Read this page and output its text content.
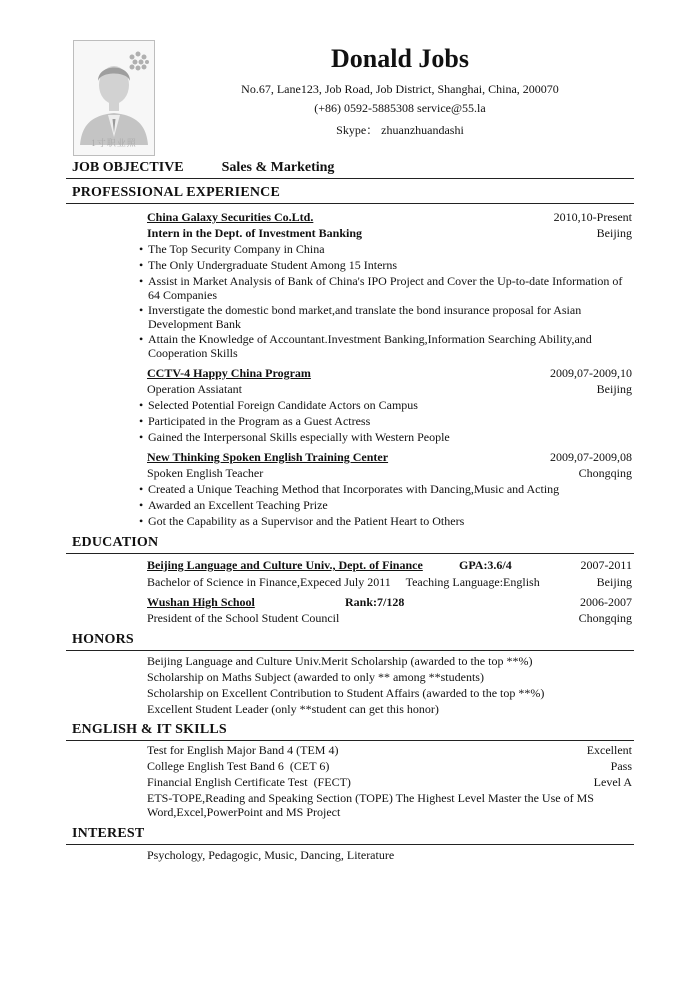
1寸职业照
Donald Jobs
No.67, Lane123, Job Road, Job District, Shanghai, China, 200070
(+86) 0592-5885308 service@55.la
Skype： zhuanzhuandashi
JOB OBJECTIVE	Sales & Marketing
PROFESSIONAL EXPERIENCE
China Galaxy Securities Co.Ltd.	2010,10-Present
Intern in the Dept. of Investment Banking	Beijing
• The Top Security Company in China
• The Only Undergraduate Student Among 15 Interns
• Assist in Market Analysis of Bank of China's IPO Project and Cover the Up-to-date Information of 64 Companies
• Inverstigate the domestic bond market,and translate the bond insurance proposal for Asian Development Bank
• Attain the Knowledge of Accountant.Investment Banking,Information Searching Ability,and Cooperation Skills
CCTV-4 Happy China Program	2009,07-2009,10
Operation Assiatant	Beijing
• Selected Potential Foreign Candidate Actors on Campus
• Participated in the Program as a Guest Actress
• Gained the Interpersonal Skills especially with Western People
New Thinking Spoken English Training Center	2009,07-2009,08
Spoken English Teacher	Chongqing
• Created a Unique Teaching Method that Incorporates with Dancing,Music and Acting
• Awarded an Excellent Teaching Prize
• Got the Capability as a Supervisor and the Patient Heart to Others
EDUCATION
Beijing Language and Culture Univ., Dept. of Finance	GPA:3.6/4	2007-2011
Bachelor of Science in Finance,Expeced July 2011     Teaching Language:English	Beijing
Wushan High School	Rank:7/128	2006-2007
President of the School Student Council	Chongqing
HONORS
Beijing Language and Culture Univ.Merit Scholarship (awarded to the top **%)
Scholarship on Maths Subject (awarded to only ** among **students)
Scholarship on Excellent Contribution to Student Affairs (awarded to the top **%)
Excellent Student Leader (only **student can get this honor)
ENGLISH & IT SKILLS
Test for English Major Band 4 (TEM 4)	Excellent
College English Test Band 6  (CET 6)	Pass
Financial English Certificate Test  (FECT)	Level A
ETS-TOPE,Reading and Speaking Section (TOPE) The Highest Level Master the Use of MS Word,Excel,PowerPoint and MS Project
INTEREST
Psychology, Pedagogic, Music, Dancing, Literature
